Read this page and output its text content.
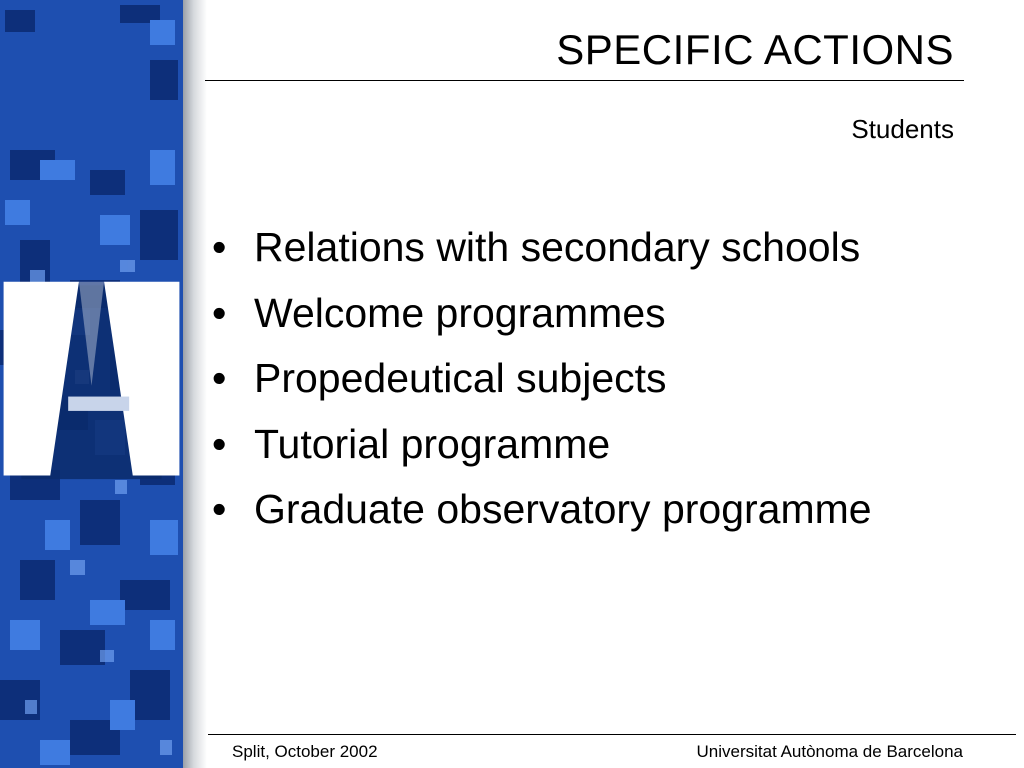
SPECIFIC ACTIONS
Students
• Relations with secondary schools
• Welcome programmes
• Propedeutical subjects
• Tutorial programme
• Graduate observatory programme
Split, October 2002	Universitat Autònoma de Barcelona
